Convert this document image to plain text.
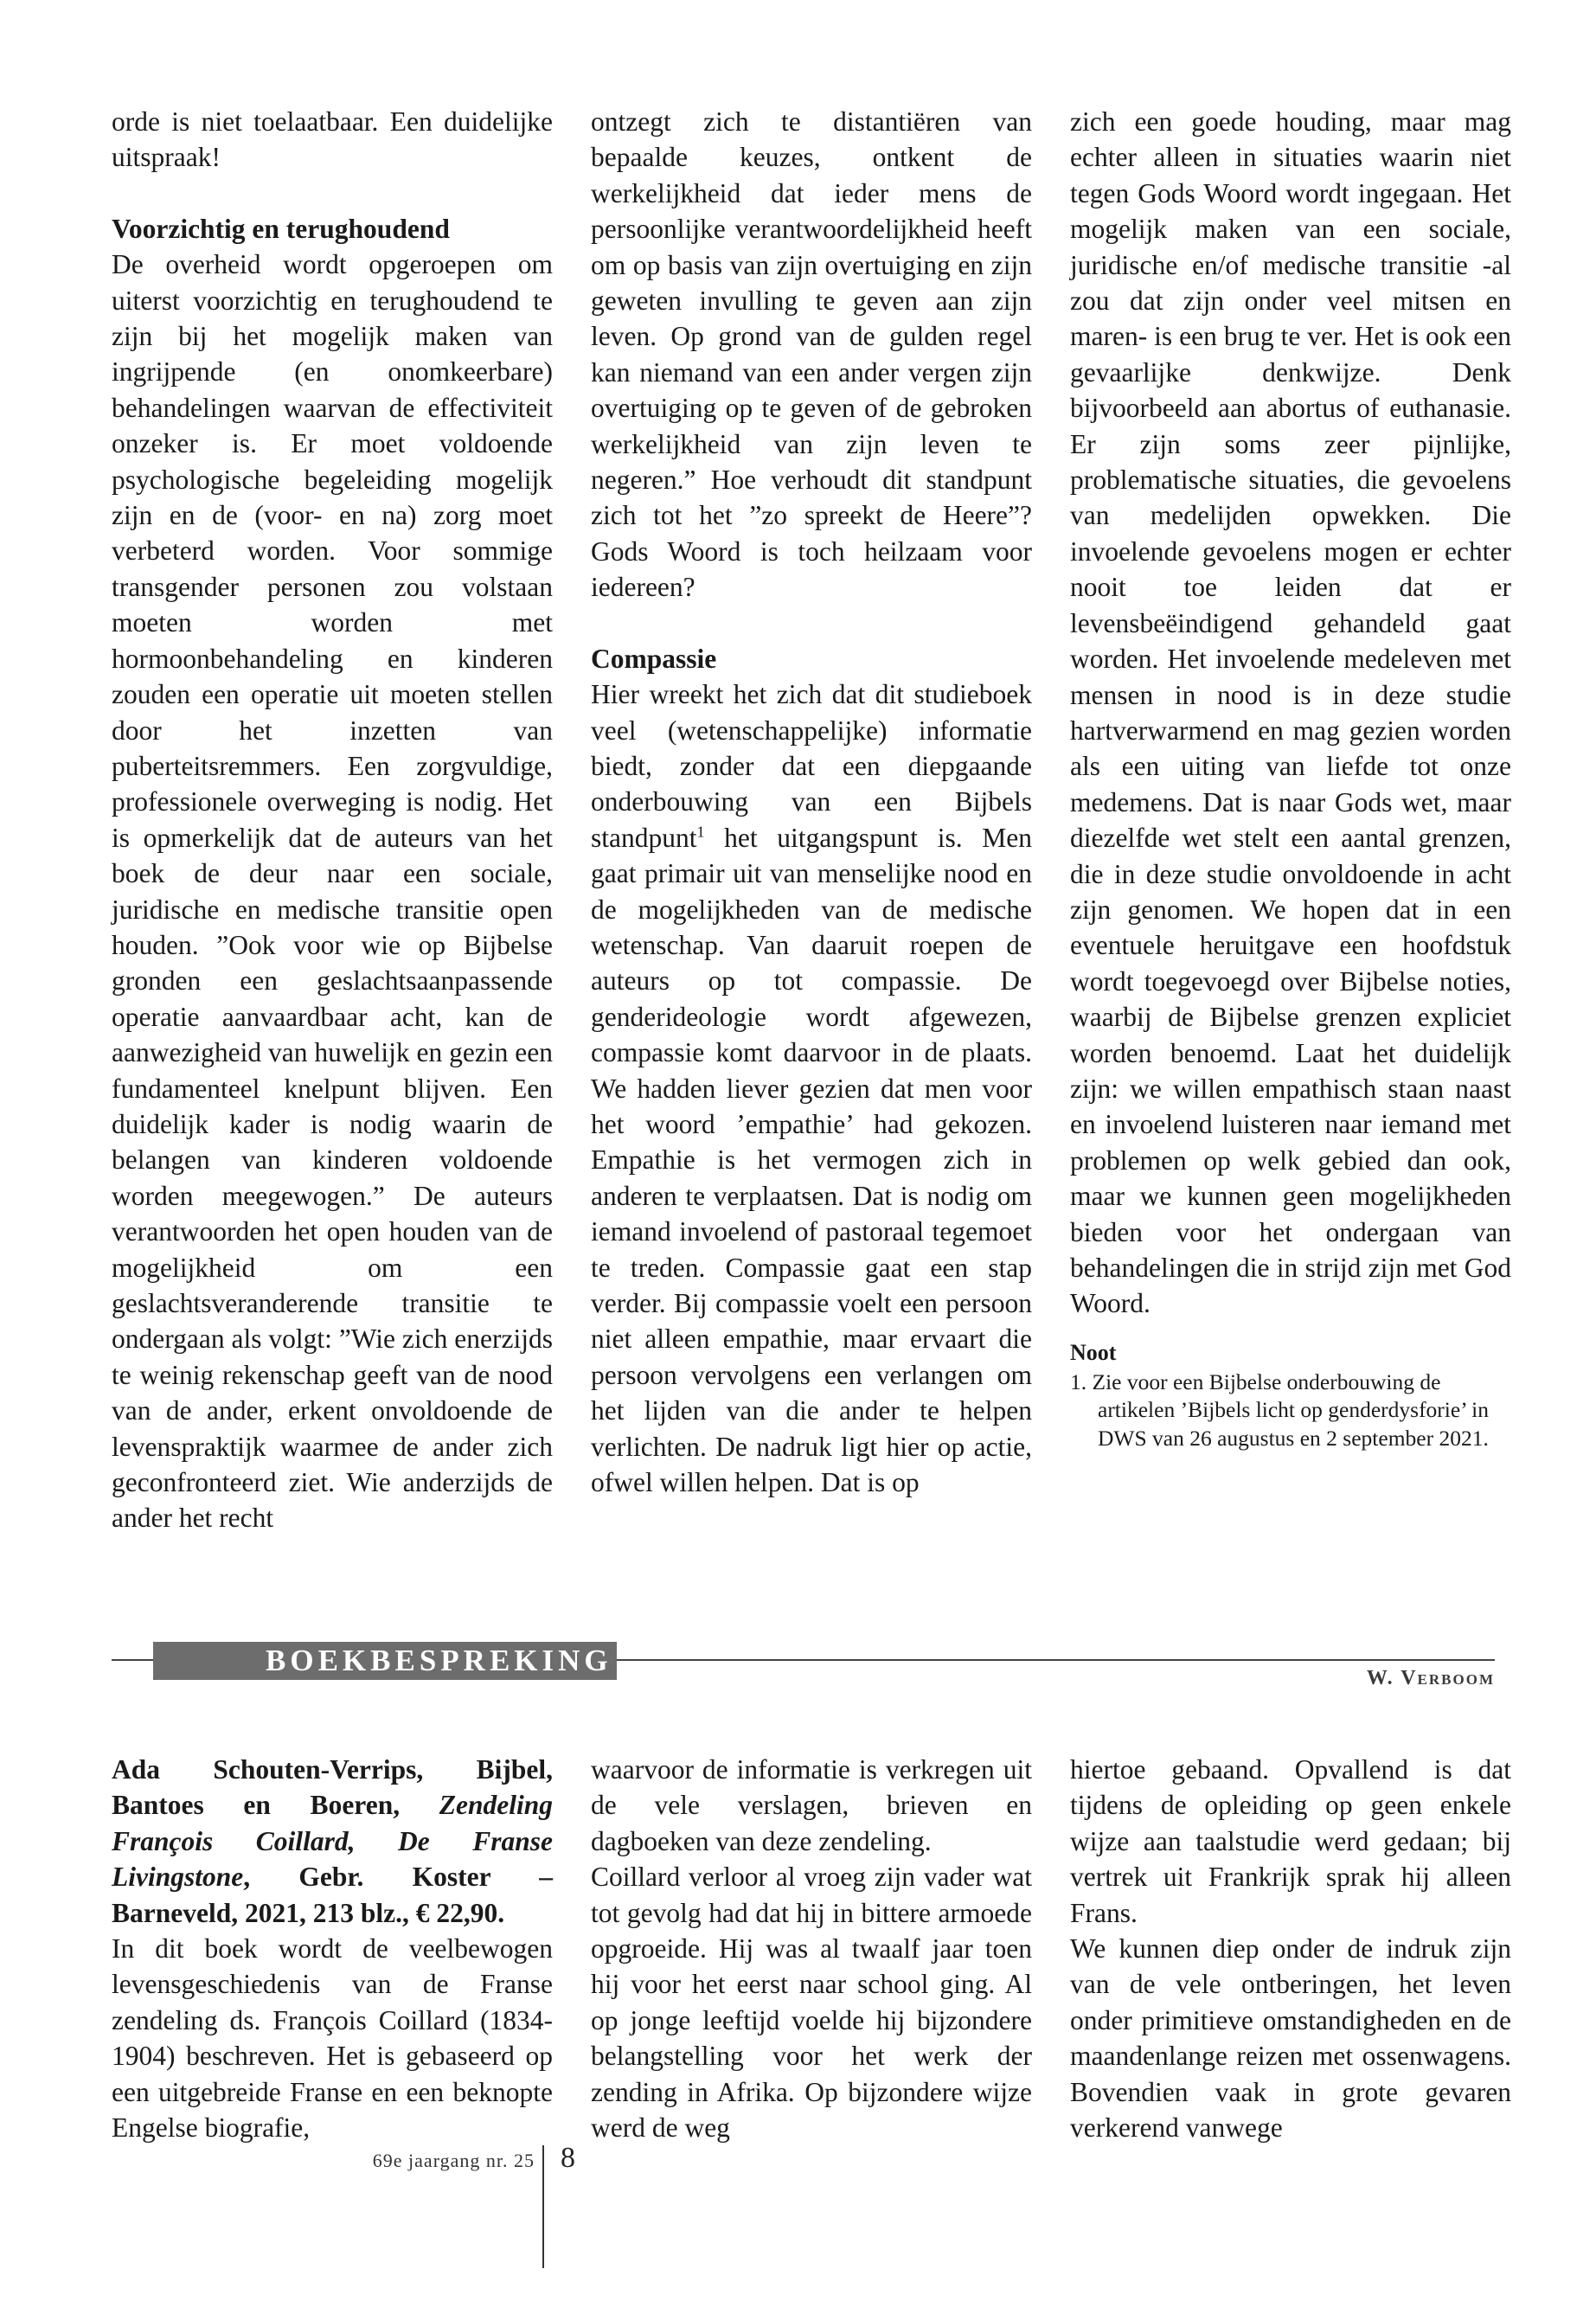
orde is niet toelaatbaar. Een duidelijke uitspraak!

Voorzichtig en terughoudend

De overheid wordt opgeroepen om uiterst voorzichtig en terughoudend te zijn bij het mogelijk maken van ingrijpende (en onomkeerbare) behandelingen waarvan de effectiviteit onzeker is. Er moet voldoende psychologische begeleiding mogelijk zijn en de (voor- en na) zorg moet verbeterd worden. Voor sommige transgender personen zou volstaan moeten worden met hormoonbehandeling en kinderen zouden een operatie uit moeten stellen door het inzetten van puberteitsremmers. Een zorgvuldige, professionele overweging is nodig. Het is opmerkelijk dat de auteurs van het boek de deur naar een sociale, juridische en medische transitie open houden. ”Ook voor wie op Bijbelse gronden een geslachtsaanpassende operatie aanvaardbaar acht, kan de aanwezigheid van huwelijk en gezin een fundamenteel knelpunt blijven. Een duidelijk kader is nodig waarin de belangen van kinderen voldoende worden meegewogen.” De auteurs verantwoorden het open houden van de mogelijkheid om een geslachtsveranderende transitie te ondergaan als volgt: ”Wie zich enerzijds te weinig rekenschap geeft van de nood van de ander, erkent onvoldoende de levenspraktijk waarmee de ander zich geconfronteerd ziet. Wie anderzijds de ander het recht

ontzegt zich te distantiëren van bepaalde keuzes, ontkent de werkelijkheid dat ieder mens de persoonlijke verantwoordelijkheid heeft om op basis van zijn overtuiging en zijn geweten invulling te geven aan zijn leven. Op grond van de gulden regel kan niemand van een ander vergen zijn overtuiging op te geven of de gebroken werkelijkheid van zijn leven te negeren.” Hoe verhoudt dit standpunt zich tot het ”zo spreekt de Heere”? Gods Woord is toch heilzaam voor iedereen?

Compassie

Hier wreekt het zich dat dit studieboek veel (wetenschappelijke) informatie biedt, zonder dat een diepgaande onderbouwing van een Bijbels standpunt$^1$ het uitgangspunt is. Men gaat primair uit van menselijke nood en de mogelijkheden van de medische wetenschap. Van daaruit roepen de auteurs op tot compassie. De genderideologie wordt afgewezen, compassie komt daarvoor in de plaats. We hadden liever gezien dat men voor het woord ’empathie’ had gekozen. Empathie is het vermogen zich in anderen te verplaatsen. Dat is nodig om iemand invoelend of pastoraal tegemoet te treden. Compassie gaat een stap verder. Bij compassie voelt een persoon niet alleen empathie, maar ervaart die persoon vervolgens een verlangen om het lijden van die ander te helpen verlichten. De nadruk ligt hier op actie, ofwel willen helpen. Dat is op

zich een goede houding, maar mag echter alleen in situaties waarin niet tegen Gods Woord wordt ingegaan. Het mogelijk maken van een sociale, juridische en/of medische transitie -al zou dat zijn onder veel mitsen en maren- is een brug te ver. Het is ook een gevaarlijke denkwijze. Denk bijvoorbeeld aan abortus of euthanasie. Er zijn soms zeer pijnlijke, problematische situaties, die gevoelens van medelijden opwekken. Die invoelende gevoelens mogen er echter nooit toe leiden dat er levensbeëindigend gehandeld gaat worden. Het invoelende medeleven met mensen in nood is in deze studie hartverwarmend en mag gezien worden als een uiting van liefde tot onze medemens. Dat is naar Gods wet, maar diezelfde wet stelt een aantal grenzen, die in deze studie onvoldoende in acht zijn genomen. We hopen dat in een eventuele heruitgave een hoofdstuk wordt toegevoegd over Bijbelse noties, waarbij de Bijbelse grenzen expliciet worden benoemd. Laat het duidelijk zijn: we willen empathisch staan naast en invoelend luisteren naar iemand met problemen op welk gebied dan ook, maar we kunnen geen mogelijkheden bieden voor het ondergaan van behandelingen die in strijd zijn met God Woord.

Noot
1. Zie voor een Bijbelse onderbouwing de artikelen ’Bijbels licht op genderdysforie’ in DWS van 26 augustus en 2 september 2021.
BOEKBESPREKING
W. Verboom

Ada Schouten-Verrips, Bijbel, Bantoes en Boeren, Zendeling François Coillard, De Franse Livingstone, Gebr. Koster – Barneveld, 2021, 213 blz., € 22,90.

In dit boek wordt de veelbewogen levensgeschiedenis van de Franse zendeling ds. François Coillard (1834-1904) beschreven. Het is gebaseerd op een uitgebreide Franse en een beknopte Engelse biografie,

waarvoor de informatie is verkregen uit de vele verslagen, brieven en dagboeken van deze zendeling.

Coillard verloor al vroeg zijn vader wat tot gevolg had dat hij in bittere armoede opgroeide. Hij was al twaalf jaar toen hij voor het eerst naar school ging. Al op jonge leeftijd voelde hij bijzondere belangstelling voor het werk der zending in Afrika. Op bijzondere wijze werd de weg

hiertoe gebaand. Opvallend is dat tijdens de opleiding op geen enkele wijze aan taalstudie werd gedaan; bij vertrek uit Frankrijk sprak hij alleen Frans.

We kunnen diep onder de indruk zijn van de vele ontberingen, het leven onder primitieve omstandigheden en de maandenlange reizen met ossenwagens. Bovendien vaak in grote gevaren verkerend vanwege

69e jaargang nr. 25 8
